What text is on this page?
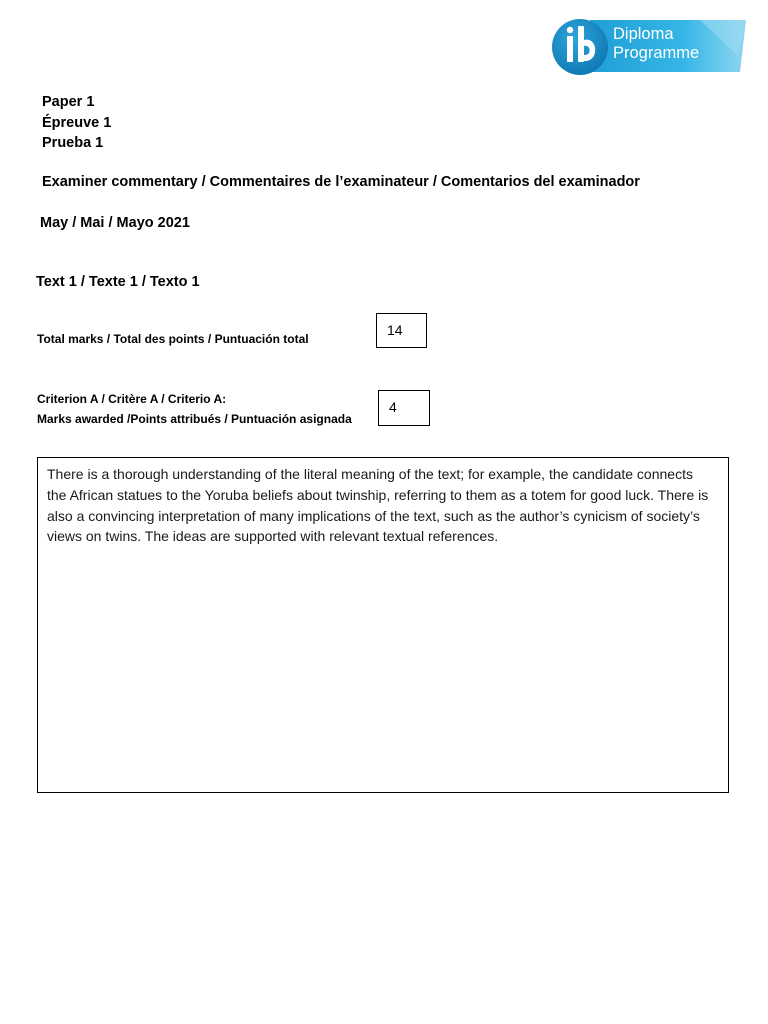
Diploma
Programme
Paper 1
Épreuve 1
Prueba 1
Examiner commentary / Commentaires de l’examinateur / Comentarios del examinador
May / Mai / Mayo 2021
Text 1 / Texte 1 / Texto 1
Total marks / Total des points / Puntuación total
14
Criterion A / Critère A / Criterio A:
Marks awarded /Points attribués / Puntuación asignada
4
There is a thorough understanding of the literal meaning of the text; for example, the candidate connects the African statues to the Yoruba beliefs about twinship, referring to them as a totem for good luck. There is also a convincing interpretation of many implications of the text, such as the author’s cynicism of society’s views on twins. The ideas are supported with relevant textual references.
